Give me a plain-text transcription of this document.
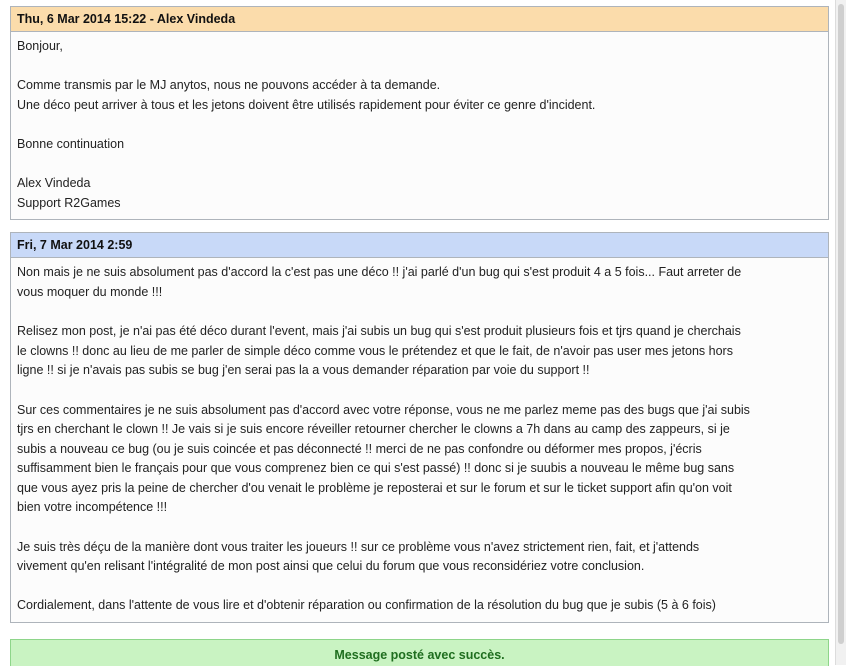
Thu, 6 Mar 2014 15:22 - Alex Vindeda

Bonjour,

Comme transmis par le MJ anytos, nous ne pouvons accéder à ta demande.
Une déco peut arriver à tous et les jetons doivent être utilisés rapidement pour éviter ce genre d'incident.

Bonne continuation

Alex Vindeda
Support R2Games

Fri, 7 Mar 2014 2:59

Non mais je ne suis absolument pas d'accord la c'est pas une déco !! j'ai parlé d'un bug qui s'est produit 4 a 5 fois... Faut arreter de
vous moquer du monde !!!

Relisez mon post, je n'ai pas été déco durant l'event, mais j'ai subis un bug qui s'est produit plusieurs fois et tjrs quand je cherchais
le clowns !! donc au lieu de me parler de simple déco comme vous le prétendez et que le fait, de n'avoir pas user mes jetons hors
ligne !! si je n'avais pas subis se bug j'en serai pas la a vous demander réparation par voie du support !!

Sur ces commentaires je ne suis absolument pas d'accord avec votre réponse, vous ne me parlez meme pas des bugs que j'ai subis
tjrs en cherchant le clown !! Je vais si je suis encore réveiller retourner chercher le clowns a 7h dans au camp des zappeurs, si je
subis a nouveau ce bug (ou je suis coincée et pas déconnecté !! merci de ne pas confondre ou déformer mes propos, j'écris
suffisamment bien le français pour que vous comprenez bien ce qui s'est passé) !! donc si je suubis a nouveau le même bug sans
que vous ayez pris la peine de chercher d'ou venait le problème je reposterai et sur le forum et sur le ticket support afin qu'on voit
bien votre incompétence !!!

Je suis très déçu de la manière dont vous traiter les joueurs !! sur ce problème vous n'avez strictement rien, fait, et j'attends
vivement qu'en relisant l'intégralité de mon post ainsi que celui du forum que vous reconsidériez votre conclusion.

Cordialement, dans l'attente de vous lire et d'obtenir réparation ou confirmation de la résolution du bug que je subis (5 à 6 fois)

Message posté avec succès.
